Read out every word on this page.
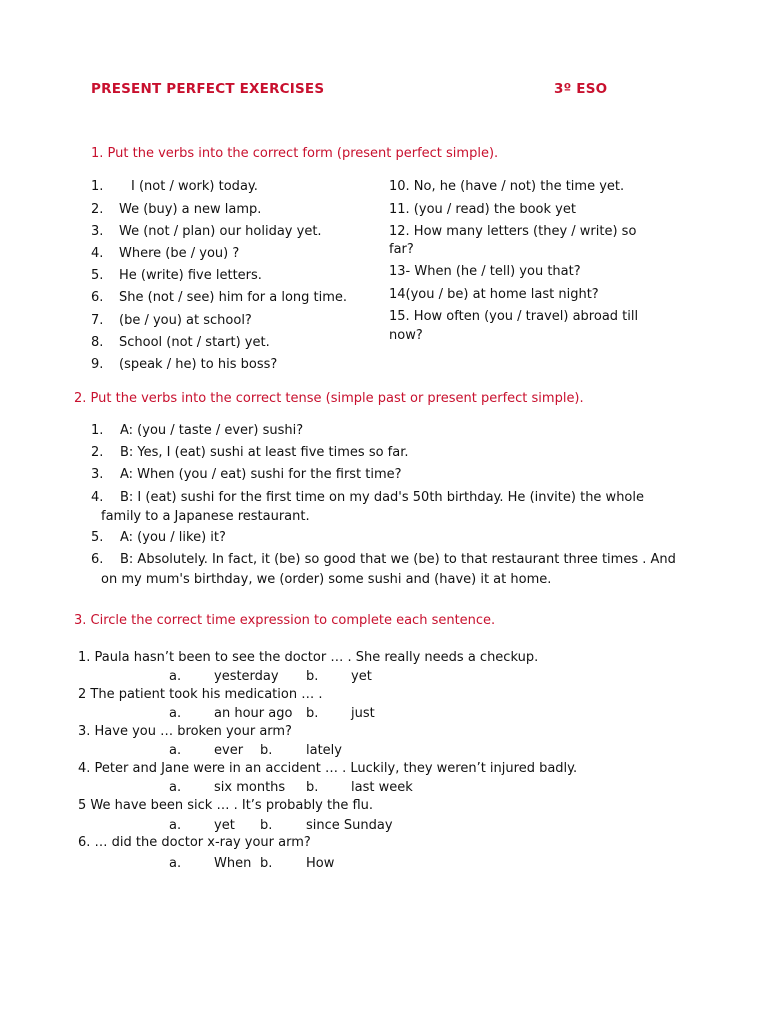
PRESENT PERFECT EXERCISES	3º ESO
1. Put the verbs into the correct form (present perfect simple).
1. I (not / work) today.
2. We (buy) a new lamp.
3. We (not / plan) our holiday yet.
4. Where (be / you) ?
5. He (write) five letters.
6. She (not / see) him for a long time.
7. (be / you) at school?
8. School (not / start) yet.
9. (speak / he) to his boss?
10. No, he (have / not) the time yet.
11. (you / read) the book yet
12. How many letters (they / write) so
far?
13- When (he / tell) you that?
14(you / be) at home last night?
15. How often (you / travel) abroad till
now?
2. Put the verbs into the correct tense (simple past or present perfect simple).
1. A: (you / taste / ever) sushi?
2. B: Yes, I (eat) sushi at least five times so far.
3. A: When (you / eat) sushi for the first time?
4. B: I (eat) sushi for the first time on my dad's 50th birthday. He (invite) the whole
family to a Japanese restaurant.
5. A: (you / like) it?
6. B: Absolutely. In fact, it (be) so good that we (be) to that restaurant three times . And
on my mum's birthday, we (order) some sushi and (have) it at home.
3. Circle the correct time expression to complete each sentence.
1. Paula hasn’t been to see the doctor … . She really needs a checkup.
a.	yesterday b.	yet
2 The patient took his medication … .
a.	an hour ago b.	just
3. Have you … broken your arm?
a.	ever b.	lately
4. Peter and Jane were in an accident … . Luckily, they weren’t injured badly.
a.	six months b.	last week
5 We have been sick … . It’s probably the flu.
a.	yet b.	since Sunday
6. … did the doctor x-ray your arm?
a.	When b.	How
